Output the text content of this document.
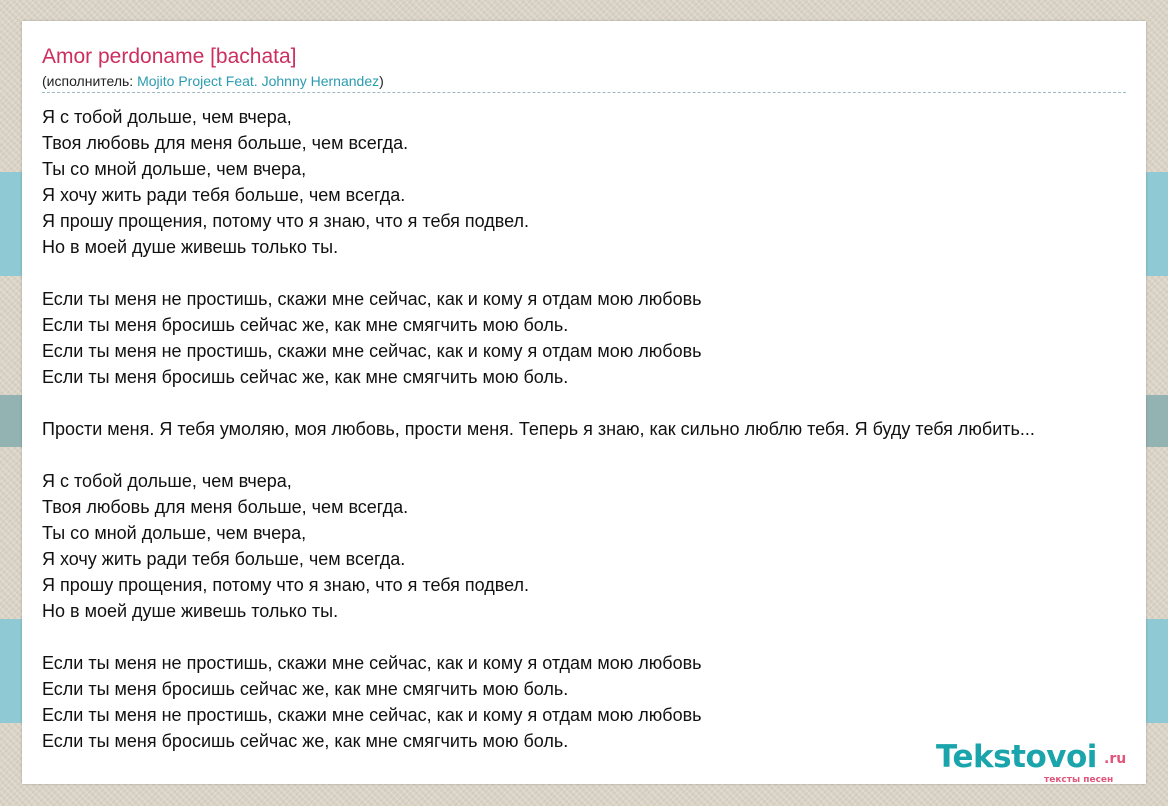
Amor perdoname [bachata]
(исполнитель: Mojito Project Feat. Johnny Hernandez)
Я с тобой дольше, чем вчера,
Твоя любовь для меня больше, чем всегда.
Ты со мной дольше, чем вчера,
Я хочу жить ради тебя больше, чем всегда.
Я прошу прощения, потому что я знаю, что я тебя подвел.
Но в моей душе живешь только ты.
Если ты меня не простишь, скажи мне сейчас, как и кому я отдам мою любовь
Если ты меня бросишь сейчас же, как мне смягчить мою боль.
Если ты меня не простишь, скажи мне сейчас, как и кому я отдам мою любовь
Если ты меня бросишь сейчас же, как мне смягчить мою боль.
Прости меня. Я тебя умоляю, моя любовь, прости меня. Теперь я знаю, как сильно люблю тебя. Я буду тебя любить...
Я с тобой дольше, чем вчера,
Твоя любовь для меня больше, чем всегда.
Ты со мной дольше, чем вчера,
Я хочу жить ради тебя больше, чем всегда.
Я прошу прощения, потому что я знаю, что я тебя подвел.
Но в моей душе живешь только ты.
Если ты меня не простишь, скажи мне сейчас, как и кому я отдам мою любовь
Если ты меня бросишь сейчас же, как мне смягчить мою боль.
Если ты меня не простишь, скажи мне сейчас, как и кому я отдам мою любовь
Если ты меня бросишь сейчас же, как мне смягчить мою боль.	Tekstovoi .ru
тексты песен
